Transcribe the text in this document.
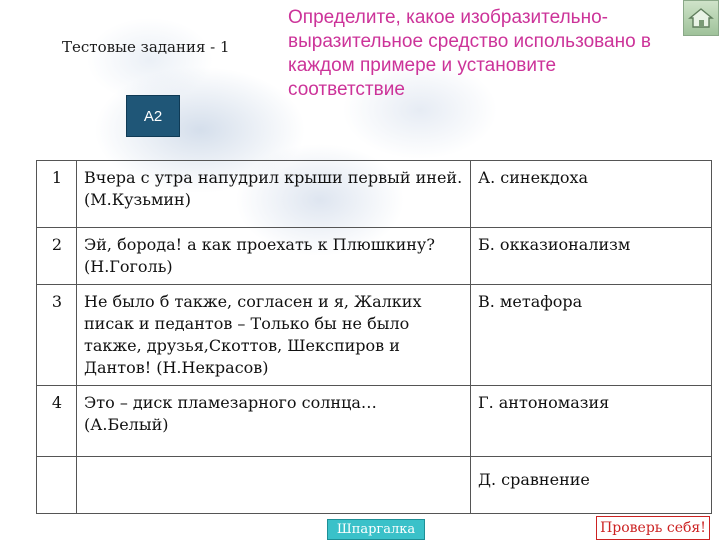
Тестовые задания - 1
А2
Определите, какое изобразительно-выразительное средство использовано в каждом примере и установите соответствие
1	Вчера с утра напудрил крыши первый иней. (М.Кузьмин)	А. синекдоха
2	Эй, борода! а как проехать к Плюшкину? (Н.Гоголь)	Б. окказионализм
3	Не было б также, согласен и я, Жалких писак и педантов – Только бы не было также, друзья,Скоттов, Шекспиров и Дантов! (Н.Некрасов)	В. метафора
4	Это – диск пламезарного солнца… (А.Белый)	Г. антономазия
		Д. сравнение
Шпаргалка	Проверь себя!
